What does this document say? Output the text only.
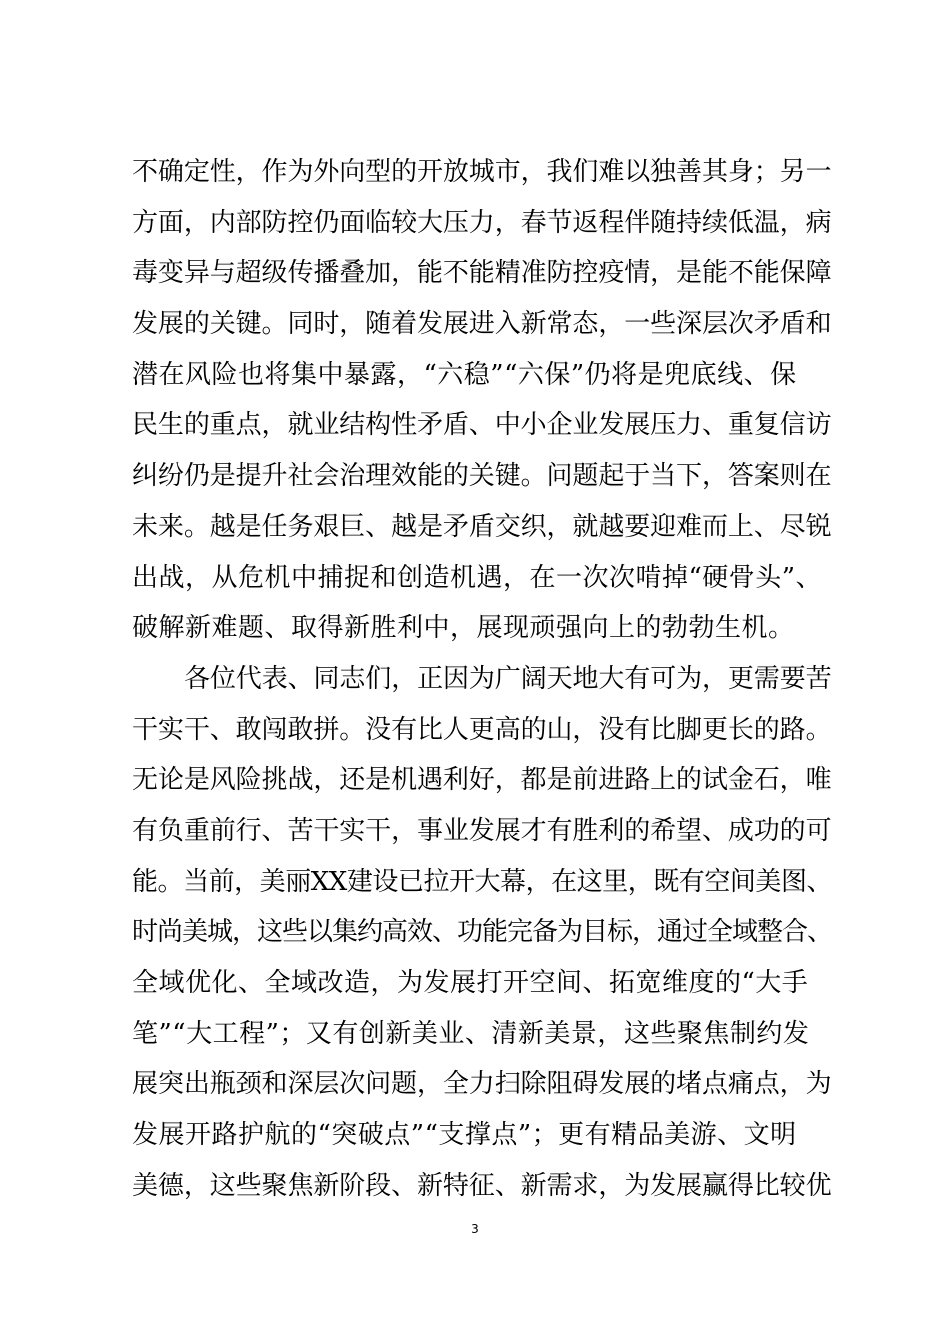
不确定性，作为外向型的开放城市，我们难以独善其身；另一
方面，内部防控仍面临较大压力，春节返程伴随持续低温，病
毒变异与超级传播叠加，能不能精准防控疫情，是能不能保障
发展的关键。同时，随着发展进入新常态，一些深层次矛盾和
潜在风险也将集中暴露，“六稳”“六保”仍将是兜底线、保
民生的重点，就业结构性矛盾、中小企业发展压力、重复信访
纠纷仍是提升社会治理效能的关键。问题起于当下，答案则在
未来。越是任务艰巨、越是矛盾交织，就越要迎难而上、尽锐
出战，从危机中捕捉和创造机遇，在一次次啃掉“硬骨头”、
破解新难题、取得新胜利中，展现顽强向上的勃勃生机。
各位代表、同志们，正因为广阔天地大有可为，更需要苦
干实干、敢闯敢拼。没有比人更高的山，没有比脚更长的路。
无论是风险挑战，还是机遇利好，都是前进路上的试金石，唯
有负重前行、苦干实干，事业发展才有胜利的希望、成功的可
能。当前，美丽XX建设已拉开大幕，在这里，既有空间美图、
时尚美城，这些以集约高效、功能完备为目标，通过全域整合、
全域优化、全域改造，为发展打开空间、拓宽维度的“大手
笔”“大工程”；又有创新美业、清新美景，这些聚焦制约发
展突出瓶颈和深层次问题，全力扫除阻碍发展的堵点痛点，为
发展开路护航的“突破点”“支撑点”；更有精品美游、文明
美德，这些聚焦新阶段、新特征、新需求，为发展赢得比较优
3
